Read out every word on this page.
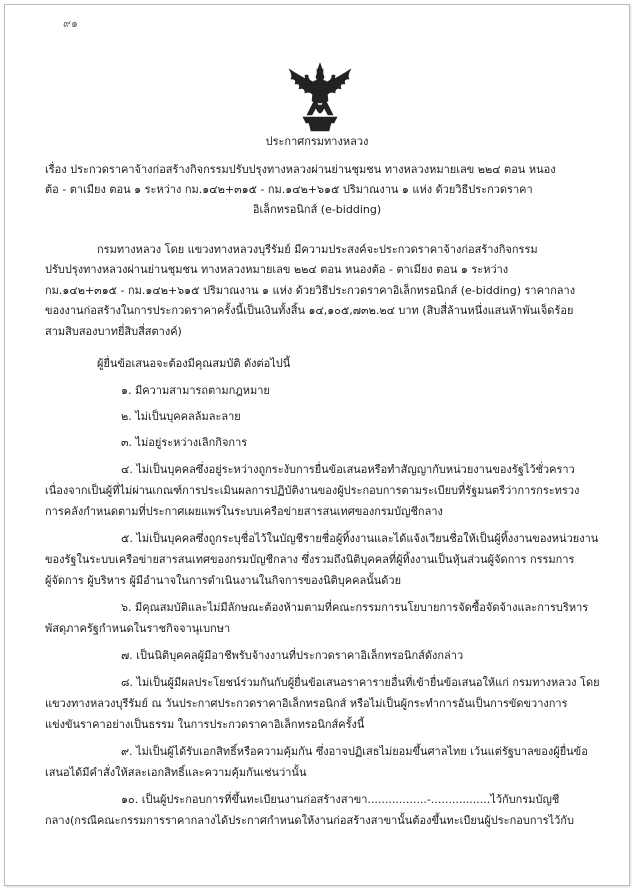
๙๑
ประกาศกรมทางหลวง
เรื่อง ประกวดราคาจ้างก่อสร้างกิจกรรมปรับปรุงทางหลวงผ่านย่านชุมชน ทางหลวงหมายเลข ๒๒๔ ตอน หนอง
ต้อ - ตาเมียง ตอน ๑ ระหว่าง กม.๑๔๒+๓๑๕ - กม.๑๔๒+๖๑๕ ปริมาณงาน ๑ แห่ง ด้วยวิธีประกวดราคา
อิเล็กทรอนิกส์ (e-bidding)
กรมทางหลวง โดย แขวงทางหลวงบุรีรัมย์ มีความประสงค์จะประกวดราคาจ้างก่อสร้างกิจกรรม
ปรับปรุงทางหลวงผ่านย่านชุมชน ทางหลวงหมายเลข ๒๒๔ ตอน หนองต้อ - ตาเมียง ตอน ๑ ระหว่าง
กม.๑๔๒+๓๑๕ - กม.๑๔๒+๖๑๕ ปริมาณงาน ๑ แห่ง ด้วยวิธีประกวดราคาอิเล็กทรอนิกส์ (e-bidding) ราคากลาง
ของงานก่อสร้างในการประกวดราคาครั้งนี้เป็นเงินทั้งสิ้น ๑๔,๑๐๕,๗๓๒.๒๔ บาท (สิบสี่ล้านหนึ่งแสนห้าพันเจ็ดร้อย
สามสิบสองบาทยี่สิบสี่สตางค์)
ผู้ยื่นข้อเสนอจะต้องมีคุณสมบัติ ดังต่อไปนี้
๑. มีความสามารถตามกฎหมาย
๒. ไม่เป็นบุคคลล้มละลาย
๓. ไม่อยู่ระหว่างเลิกกิจการ
๔. ไม่เป็นบุคคลซึ่งอยู่ระหว่างถูกระงับการยื่นข้อเสนอหรือทำสัญญากับหน่วยงานของรัฐไว้ชั่วคราว
เนื่องจากเป็นผู้ที่ไม่ผ่านเกณฑ์การประเมินผลการปฏิบัติงานของผู้ประกอบการตามระเบียบที่รัฐมนตรีว่าการกระทรวง
การคลังกำหนดตามที่ประกาศเผยแพร่ในระบบเครือข่ายสารสนเทศของกรมบัญชีกลาง
๕. ไม่เป็นบุคคลซึ่งถูกระบุชื่อไว้ในบัญชีรายชื่อผู้ทิ้งงานและได้แจ้งเวียนชื่อให้เป็นผู้ทิ้งงานของหน่วยงาน
ของรัฐในระบบเครือข่ายสารสนเทศของกรมบัญชีกลาง ซึ่งรวมถึงนิติบุคคลที่ผู้ทิ้งงานเป็นหุ้นส่วนผู้จัดการ กรรมการ
ผู้จัดการ ผู้บริหาร ผู้มีอำนาจในการดำเนินงานในกิจการของนิติบุคคลนั้นด้วย
๖. มีคุณสมบัติและไม่มีลักษณะต้องห้ามตามที่คณะกรรมการนโยบายการจัดซื้อจัดจ้างและการบริหาร
พัสดุภาครัฐกำหนดในราชกิจจานุเบกษา
๗. เป็นนิติบุคคลผู้มีอาชีพรับจ้างงานที่ประกวดราคาอิเล็กทรอนิกส์ดังกล่าว
๘. ไม่เป็นผู้มีผลประโยชน์ร่วมกันกับผู้ยื่นข้อเสนอราคารายอื่นที่เข้ายื่นข้อเสนอให้แก่ กรมทางหลวง โดย
แขวงทางหลวงบุรีรัมย์ ณ วันประกาศประกวดราคาอิเล็กทรอนิกส์ หรือไม่เป็นผู้กระทำการอันเป็นการขัดขวางการ
แข่งขันราคาอย่างเป็นธรรม ในการประกวดราคาอิเล็กทรอนิกส์ครั้งนี้
๙. ไม่เป็นผู้ได้รับเอกสิทธิ์หรือความคุ้มกัน ซึ่งอาจปฏิเสธไม่ยอมขึ้นศาลไทย เว้นแต่รัฐบาลของผู้ยื่นข้อ
เสนอได้มีคำสั่งให้สละเอกสิทธิ์และความคุ้มกันเช่นว่านั้น
๑๐. เป็นผู้ประกอบการที่ขึ้นทะเบียนงานก่อสร้างสาขา.................-.................ไว้กับกรมบัญชี
กลาง(กรณีคณะกรรมการราคากลางได้ประกาศกำหนดให้งานก่อสร้างสาขานั้นต้องขึ้นทะเบียนผู้ประกอบการไว้กับ
